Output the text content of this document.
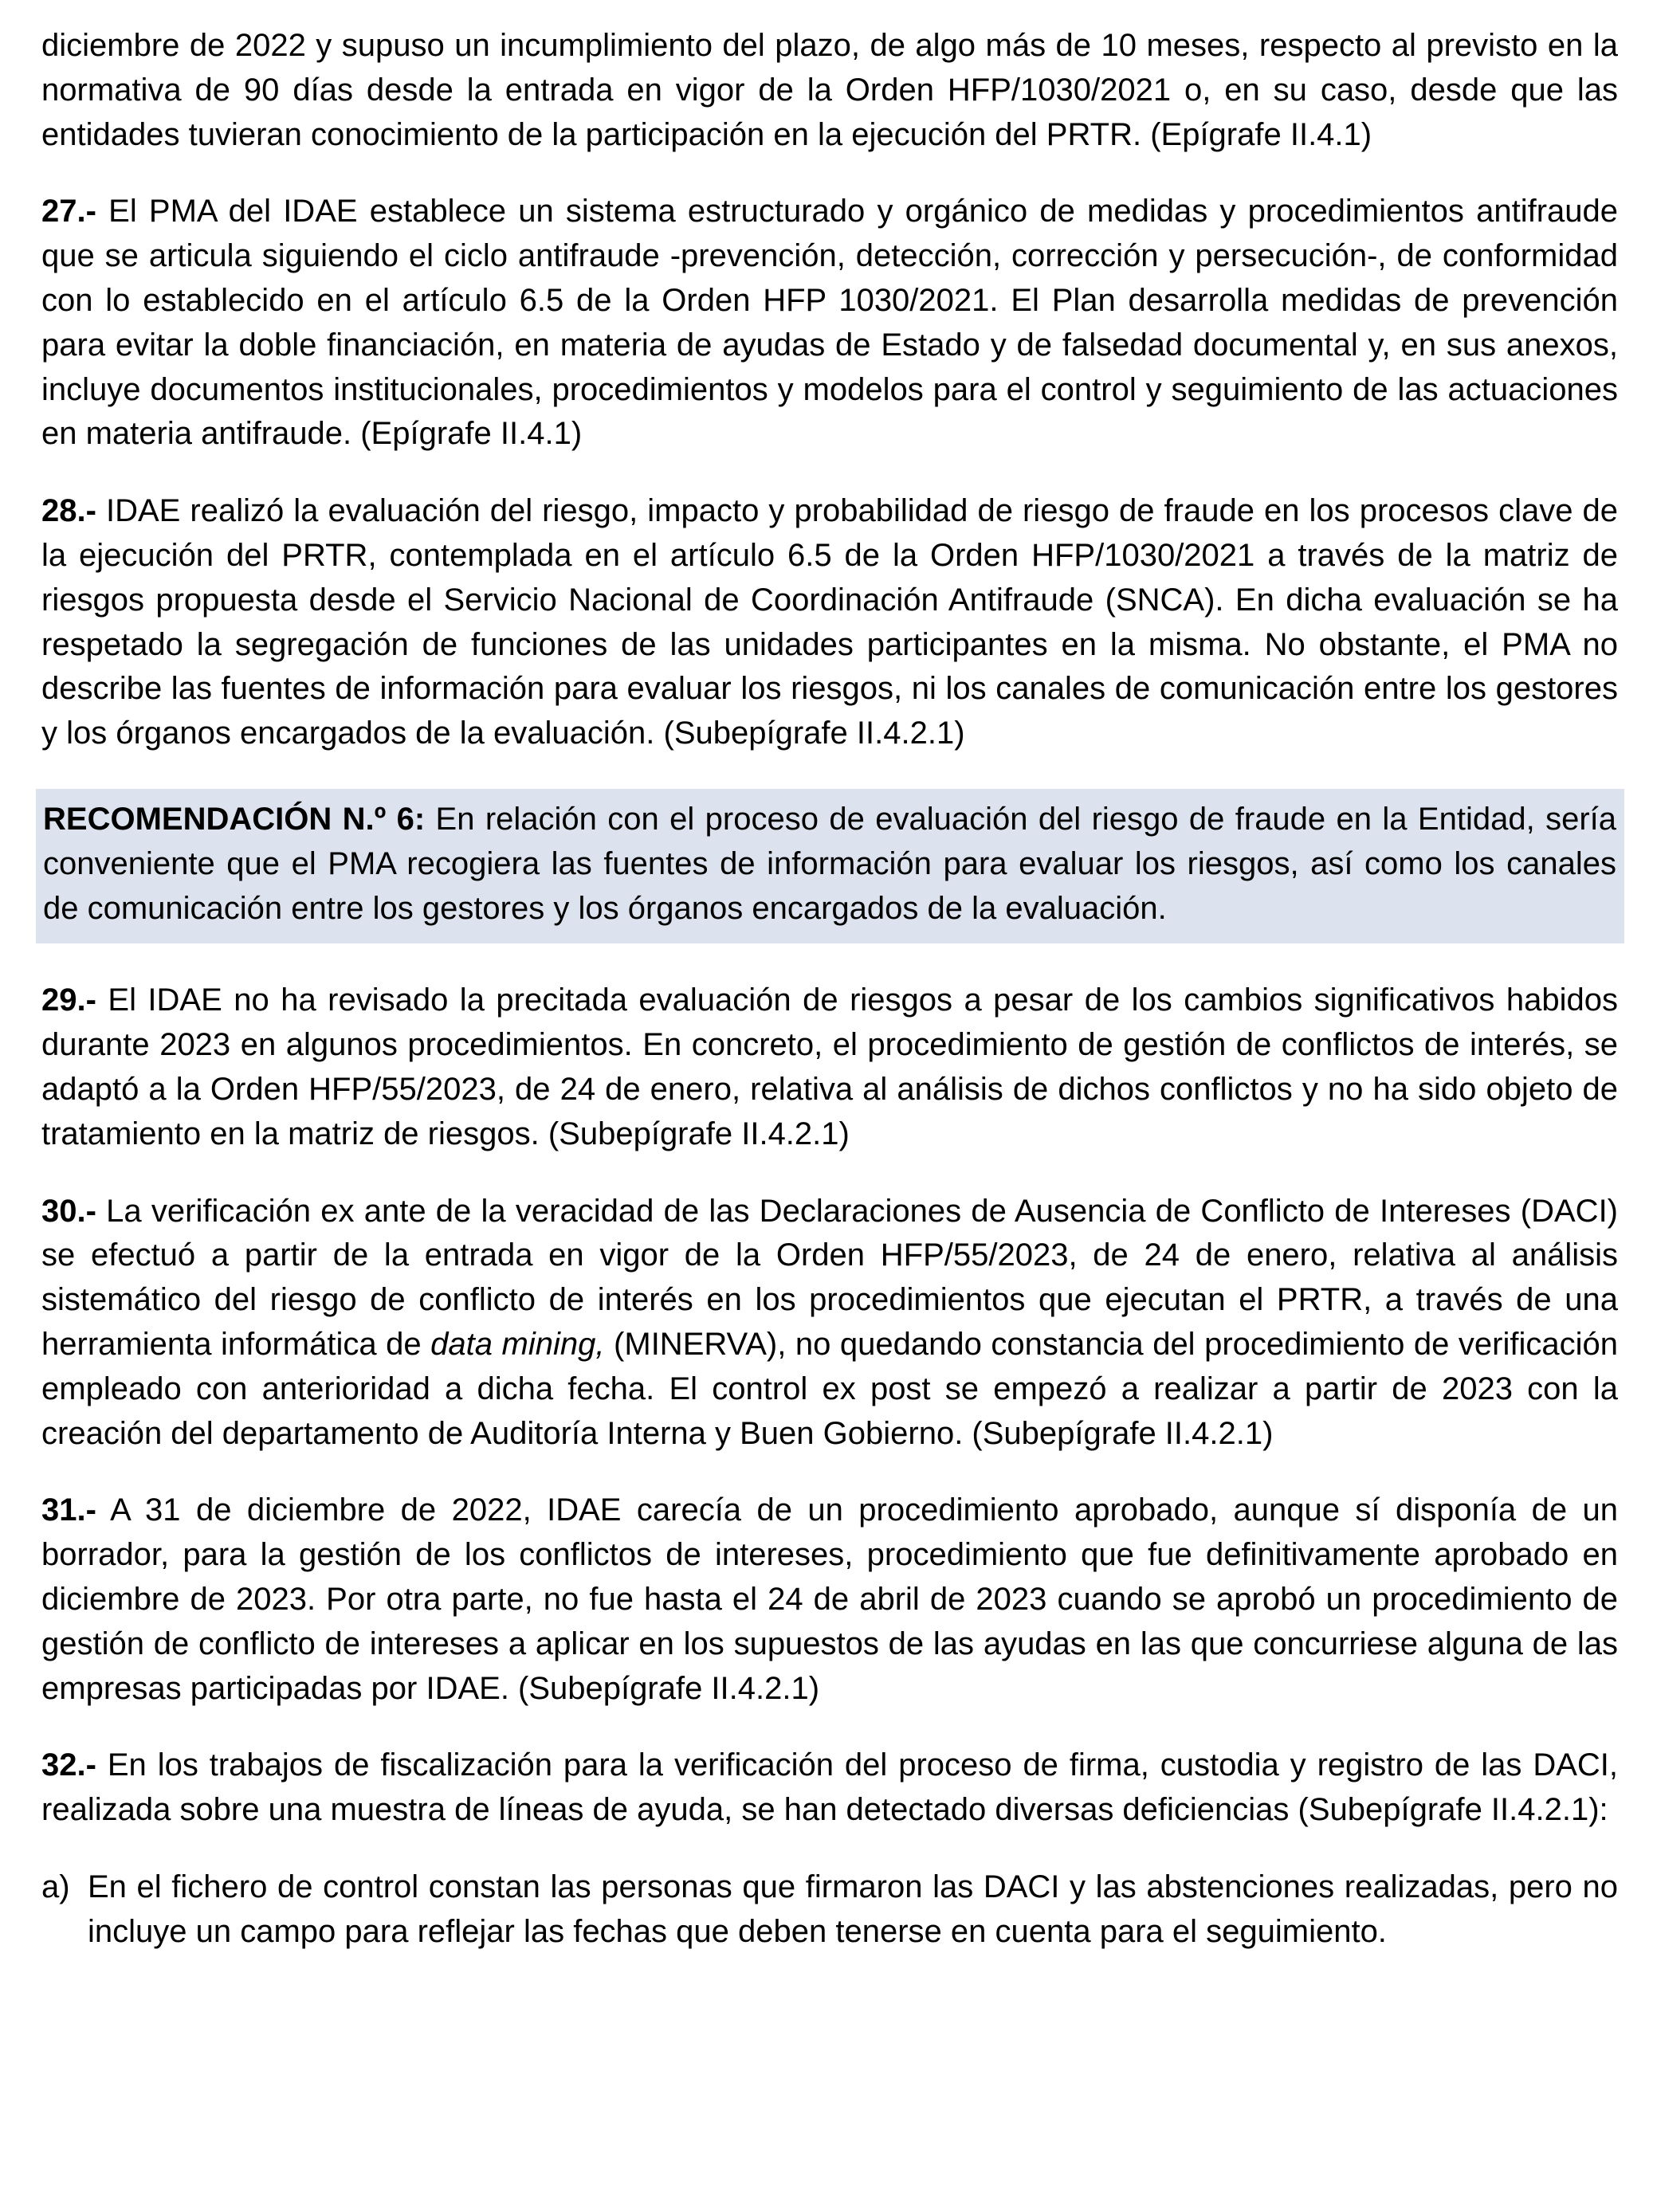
diciembre de 2022 y supuso un incumplimiento del plazo, de algo más de 10 meses, respecto al previsto en la normativa de 90 días desde la entrada en vigor de la Orden HFP/1030/2021 o, en su caso, desde que las entidades tuvieran conocimiento de la participación en la ejecución del PRTR. (Epígrafe II.4.1)

27.- El PMA del IDAE establece un sistema estructurado y orgánico de medidas y procedimientos antifraude que se articula siguiendo el ciclo antifraude -prevención, detección, corrección y persecución-, de conformidad con lo establecido en el artículo 6.5 de la Orden HFP 1030/2021. El Plan desarrolla medidas de prevención para evitar la doble financiación, en materia de ayudas de Estado y de falsedad documental y, en sus anexos, incluye documentos institucionales, procedimientos y modelos para el control y seguimiento de las actuaciones en materia antifraude. (Epígrafe II.4.1)

28.- IDAE realizó la evaluación del riesgo, impacto y probabilidad de riesgo de fraude en los procesos clave de la ejecución del PRTR, contemplada en el artículo 6.5 de la Orden HFP/1030/2021 a través de la matriz de riesgos propuesta desde el Servicio Nacional de Coordinación Antifraude (SNCA). En dicha evaluación se ha respetado la segregación de funciones de las unidades participantes en la misma. No obstante, el PMA no describe las fuentes de información para evaluar los riesgos, ni los canales de comunicación entre los gestores y los órganos encargados de la evaluación. (Subepígrafe II.4.2.1)

RECOMENDACIÓN N.º 6: En relación con el proceso de evaluación del riesgo de fraude en la Entidad, sería conveniente que el PMA recogiera las fuentes de información para evaluar los riesgos, así como los canales de comunicación entre los gestores y los órganos encargados de la evaluación.

29.- El IDAE no ha revisado la precitada evaluación de riesgos a pesar de los cambios significativos habidos durante 2023 en algunos procedimientos. En concreto, el procedimiento de gestión de conflictos de interés, se adaptó a la Orden HFP/55/2023, de 24 de enero, relativa al análisis de dichos conflictos y no ha sido objeto de tratamiento en la matriz de riesgos. (Subepígrafe II.4.2.1)

30.- La verificación ex ante de la veracidad de las Declaraciones de Ausencia de Conflicto de Intereses (DACI) se efectuó a partir de la entrada en vigor de la Orden HFP/55/2023, de 24 de enero, relativa al análisis sistemático del riesgo de conflicto de interés en los procedimientos que ejecutan el PRTR, a través de una herramienta informática de data mining, (MINERVA), no quedando constancia del procedimiento de verificación empleado con anterioridad a dicha fecha. El control ex post se empezó a realizar a partir de 2023 con la creación del departamento de Auditoría Interna y Buen Gobierno. (Subepígrafe II.4.2.1)

31.- A 31 de diciembre de 2022, IDAE carecía de un procedimiento aprobado, aunque sí disponía de un borrador, para la gestión de los conflictos de intereses, procedimiento que fue definitivamente aprobado en diciembre de 2023. Por otra parte, no fue hasta el 24 de abril de 2023 cuando se aprobó un procedimiento de gestión de conflicto de intereses a aplicar en los supuestos de las ayudas en las que concurriese alguna de las empresas participadas por IDAE. (Subepígrafe II.4.2.1)

32.- En los trabajos de fiscalización para la verificación del proceso de firma, custodia y registro de las DACI, realizada sobre una muestra de líneas de ayuda, se han detectado diversas deficiencias (Subepígrafe II.4.2.1):

a) En el fichero de control constan las personas que firmaron las DACI y las abstenciones realizadas, pero no incluye un campo para reflejar las fechas que deben tenerse en cuenta para el seguimiento.
